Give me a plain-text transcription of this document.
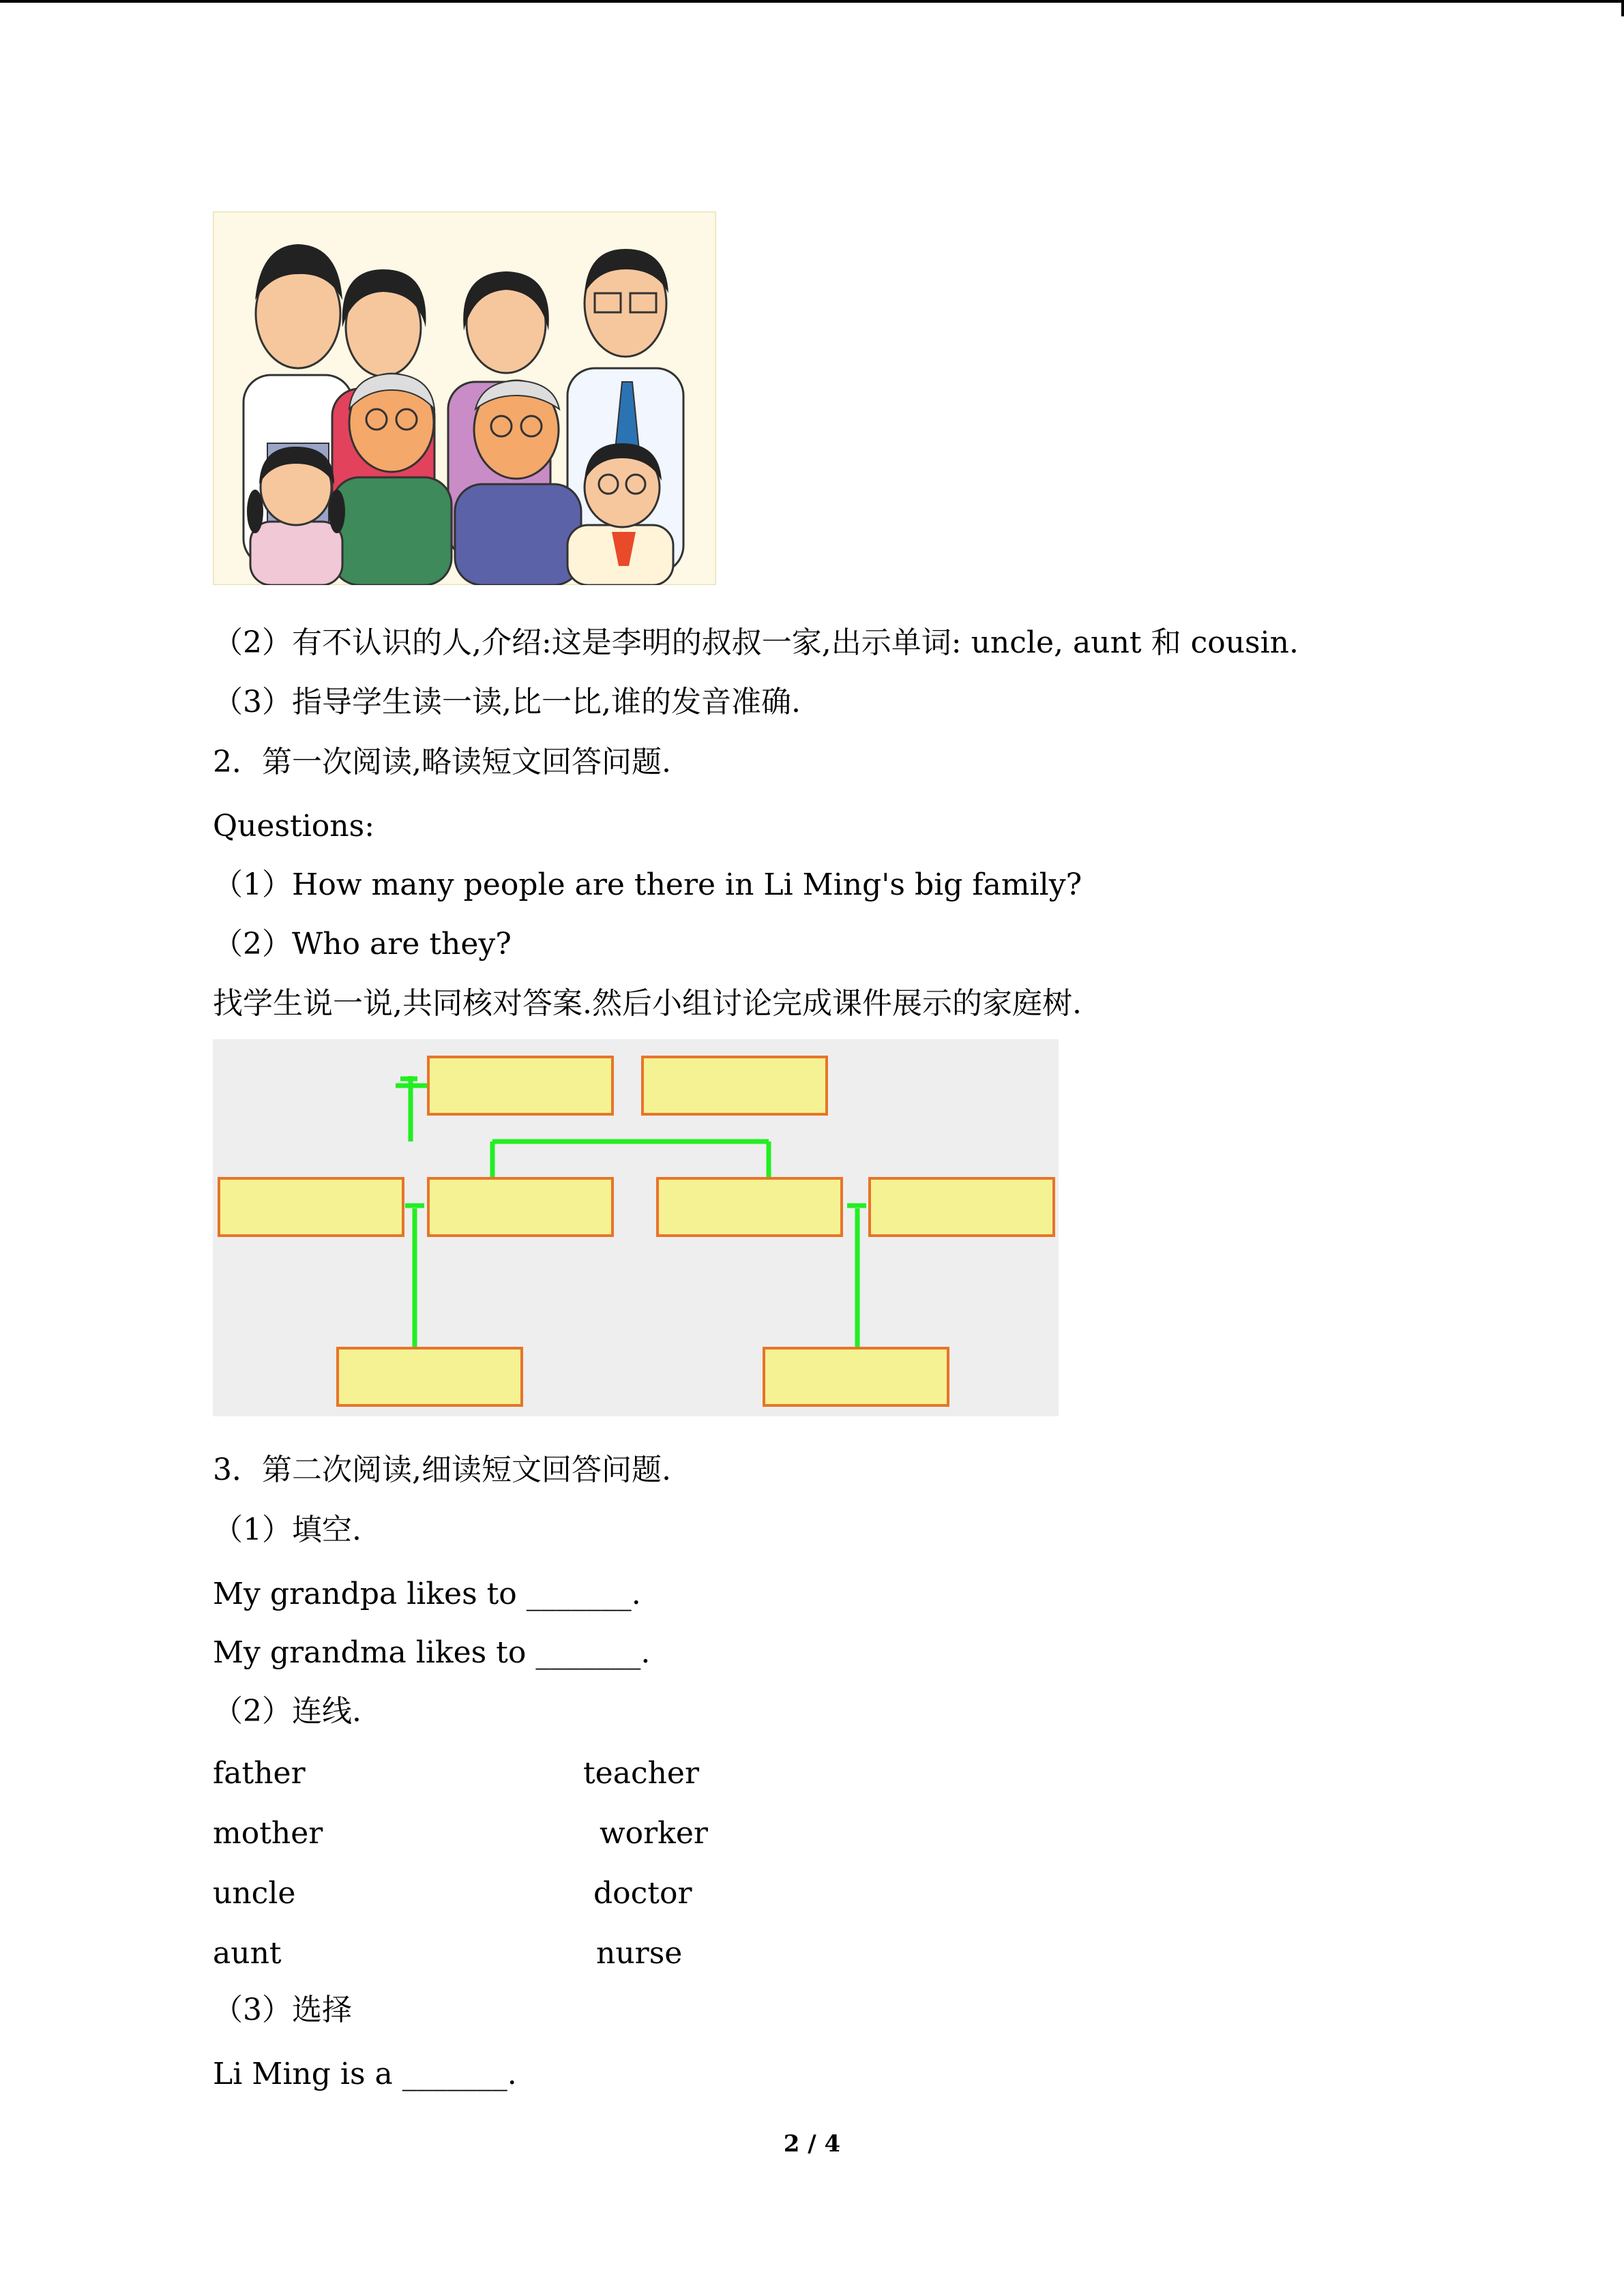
（2）有不认识的人,介绍:这是李明的叔叔一家,出示单词: uncle, aunt 和 cousin.
（3）指导学生读一读,比一比,谁的发音准确.
2．第一次阅读,略读短文回答问题.
Questions:
（1）How many people are there in Li Ming's big family?
（2）Who are they?
找学生说一说,共同核对答案.然后小组讨论完成课件展示的家庭树.
3．第二次阅读,细读短文回答问题.
（1）填空.
My grandpa likes to _______.
My grandma likes to _______.
（2）连线.
father	teacher
mother	worker
uncle	doctor
aunt	nurse
（3）选择
Li Ming is a _______.
2 / 4
